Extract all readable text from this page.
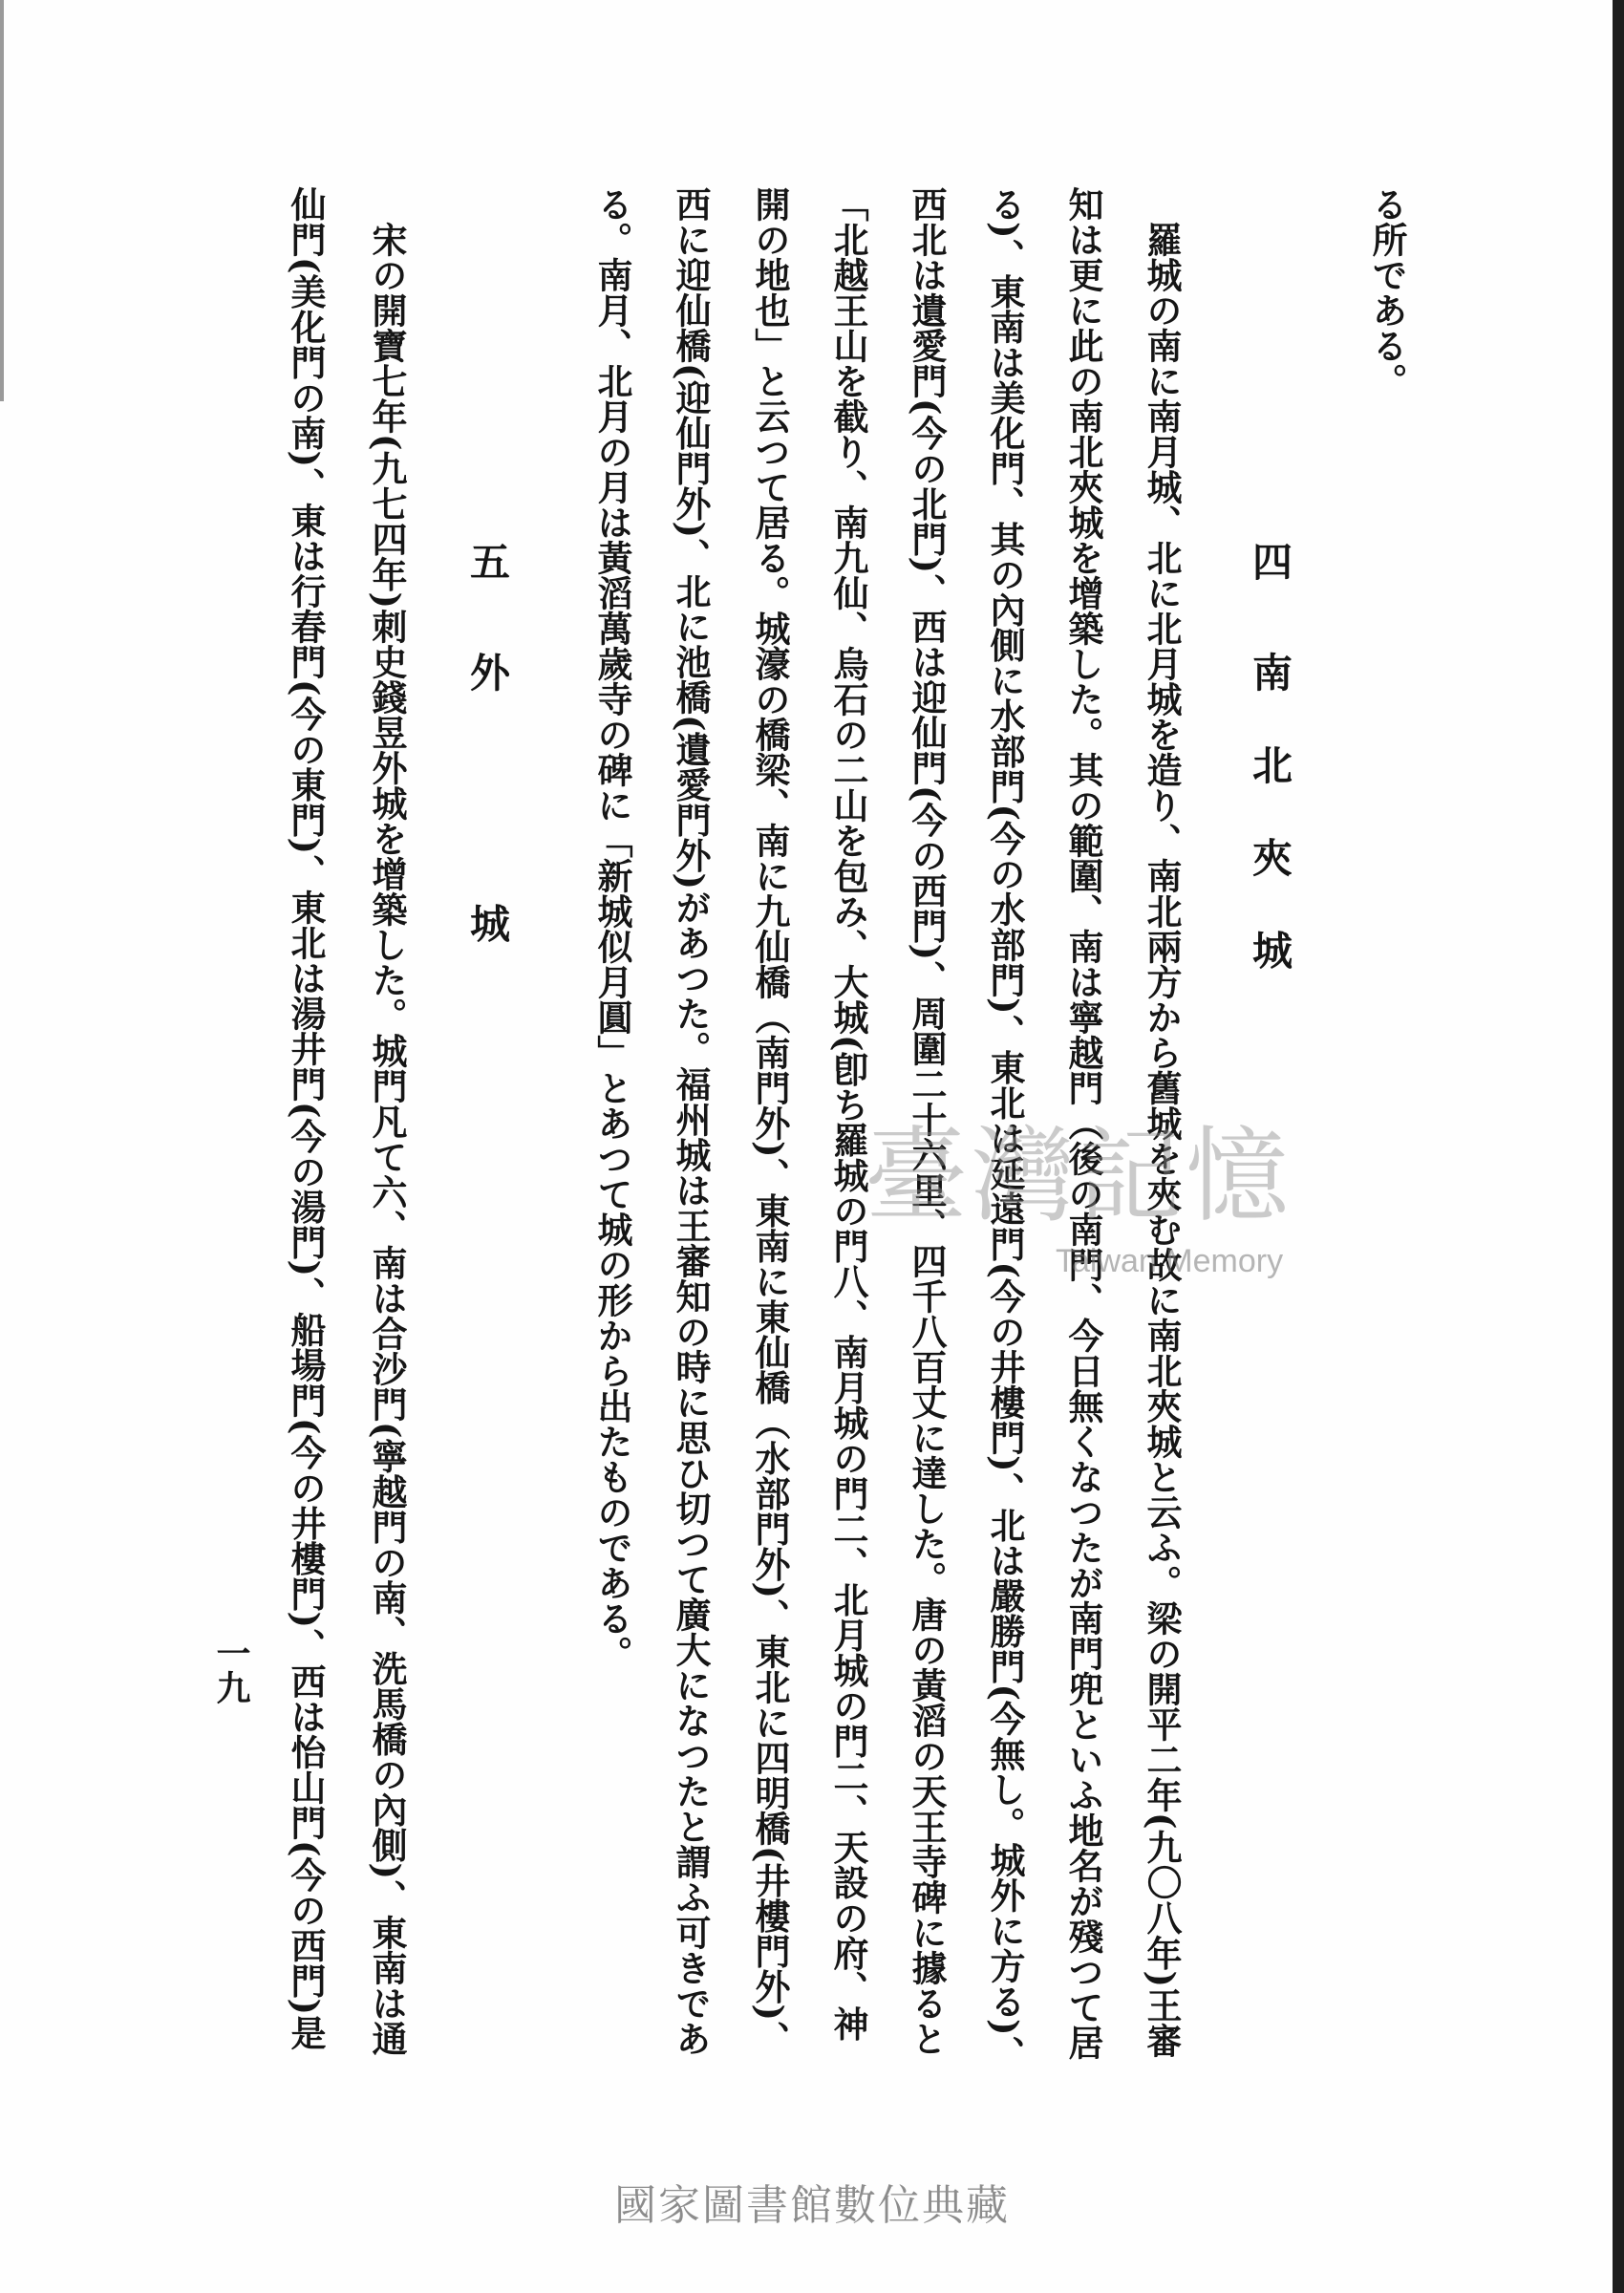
る所である。
四
南北夾城
羅城の南に南月城、北に北月城を造り、南北兩方から舊城を夾む故に南北夾城と云ふ。梁の開平二年(九〇八年)王審
知は更に此の南北夾城を增築した。其の範圍、南は寧越門（後の南門、今日無くなつたが南門兜といふ地名が殘つて居
る)、東南は美化門、其の內側に水部門(今の水部門)、東北は延遠門(今の井樓門)、北は嚴勝門(今無し。城外に方る)、
西北は遺愛門(今の北門)、西は迎仙門(今の西門)、周圍二十六里、四千八百丈に達した。唐の黃滔の天王寺碑に據ると
「北越王山を截り、南九仙、烏石の二山を包み、大城(卽ち羅城の門八、南月城の門二、北月城の門二、天設の府、神
開の地也」と云つて居る。城濠の橋梁、南に九仙橋（南門外)、東南に東仙橋（水部門外)、東北に四明橋(井樓門外)、
西に迎仙橋(迎仙門外)、北に池橋(遺愛門外)があつた。福州城は王審知の時に思ひ切つて廣大になつたと謂ふ可きであ
る。南月、北月の月は黃滔萬歲寺の碑に「新城似月圓」とあつて城の形から出たものである。
五
外城
宋の開寶七年(九七四年)刺史錢昱外城を增築した。城門凡て六、南は合沙門(寧越門の南、洗馬橋の內側)、東南は通
仙門(美化門の南)、東は行春門(今の東門)、東北は湯井門(今の湯門)、船場門(今の井樓門)、西は怡山門(今の西門)是
一九
臺灣記憶
Taiwan Memory
國家圖書館數位典藏
